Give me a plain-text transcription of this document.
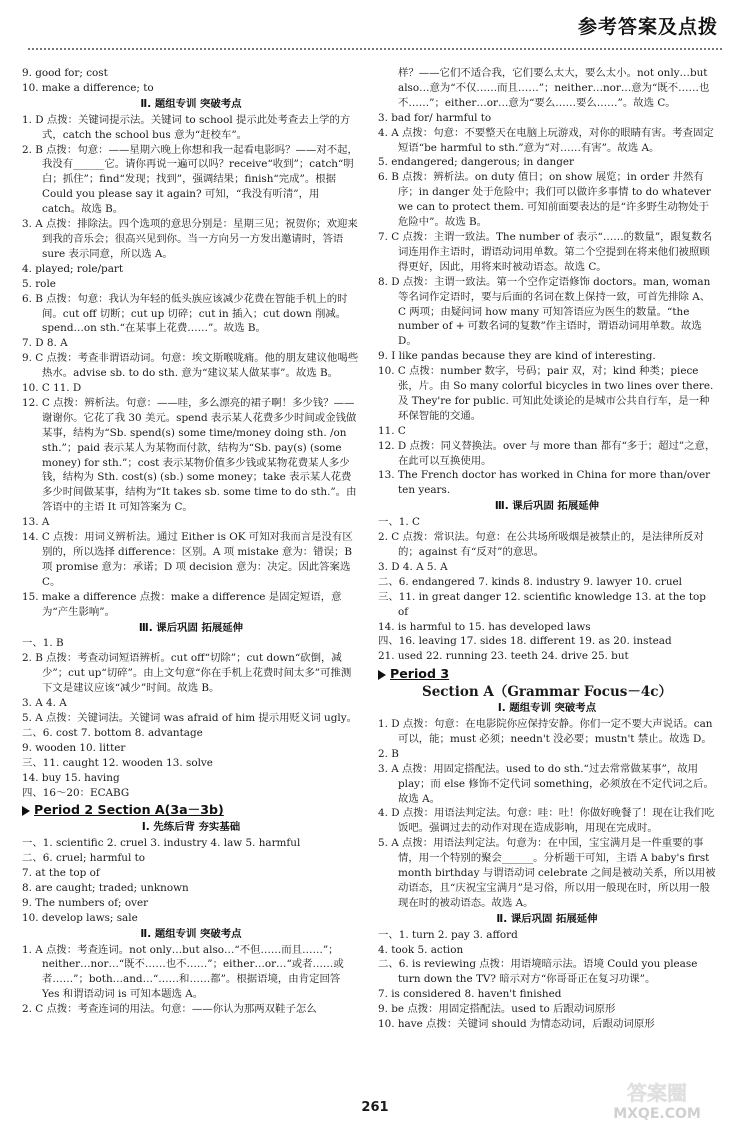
参考答案及点拨
9. good for; cost
10. make a difference; to
Ⅱ. 题组专训 突破考点
1. D 点拨：关键词提示法。关键词 to school 提示此处考查去上学的方式，catch the school bus 意为“赶校车”。
2. B 点拨：句意：——星期六晚上你想和我一起看电影吗？——对不起，我没有______它。请你再说一遍可以吗？receive“收到”；catch“明白；抓住”；find“发现；找到”，强调结果；finish“完成”。根据 Could you please say it again? 可知，“我没有听清”，用 catch。故选 B。
3. A 点拨：排除法。四个选项的意思分别是：星期三见；祝贺你；欢迎来到我的音乐会；很高兴见到你。当一方向另一方发出邀请时，答语 sure 表示同意，所以选 A。
4. played; role/part
5. role
6. B 点拨：句意：我认为年轻的低头族应该减少花费在智能手机上的时间。cut off 切断；cut up 切碎；cut in 插入；cut down 削减。spend…on sth.“在某事上花费……”。故选 B。
7. D 8. A
9. C 点拨：考查非谓语动词。句意：埃文斯喉咙痛。他的朋友建议他喝些热水。advise sb. to do sth. 意为“建议某人做某事”。故选 B。
10. C 11. D
12. C 点拨：辨析法。句意：——哇，多么漂亮的裙子啊！多少钱？——谢谢你。它花了我 30 美元。spend 表示某人花费多少时间或金钱做某事，结构为“Sb. spend(s) some time/money doing sth. /on sth.”；paid 表示某人为某物而付款，结构为“Sb. pay(s) (some money) for sth.”；cost 表示某物价值多少钱或某物花费某人多少钱，结构为 Sth. cost(s) (sb.) some money；take 表示某人花费多少时间做某事，结构为“It takes sb. some time to do sth.”。由答语中的主语 It 可知答案为 C。
13. A
14. C 点拨：用词义辨析法。通过 Either is OK 可知对我而言是没有区别的，所以选择 difference：区别。A 项 mistake 意为：错误；B 项 promise 意为：承诺；D 项 decision 意为：决定。因此答案选 C。
15. make a difference 点拨：make a difference 是固定短语，意为“产生影响”。
Ⅲ. 课后巩固 拓展延伸
一、1. B
2. B 点拨：考查动词短语辨析。cut off“切除”；cut down“砍倒，减少”；cut up“切碎”。由上文句意“你在手机上花费时间太多”可推测下文是建议应该“减少”时间。故选 B。
3. A 4. A
5. A 点拨：关键词法。关键词 was afraid of him 提示用贬义词 ugly。
二、6. cost 7. bottom 8. advantage
9. wooden 10. litter
三、11. caught 12. wooden 13. solve
14. buy 15. having
四、16～20：ECABG
Period 2 Section A(3a－3b)
Ⅰ. 先练后背 夯实基础
一、1. scientific 2. cruel 3. industry 4. law 5. harmful
二、6. cruel; harmful to
7. at the top of
8. are caught; traded; unknown
9. The numbers of; over
10. develop laws; sale
Ⅱ. 题组专训 突破考点
1. A 点拨：考查连词。not only…but also…“不但……而且……”；neither…nor…“既不……也不……”；either…or…“或者……或者……”；both…and…“……和……都”。根据语境，由肯定回答 Yes 和谓语动词 is 可知本题选 A。
2. C 点拨：考查连词的用法。句意：——你认为那两双鞋子怎么
样？——它们不适合我，它们要么太大，要么太小。not only…but also…意为“不仅……而且……”；neither…nor…意为“既不……也不……”；either…or…意为“要么……要么……”。故选 C。
3. bad for/ harmful to
4. A 点拨：句意：不要整天在电脑上玩游戏，对你的眼睛有害。考查固定短语“be harmful to sth.”意为“对……有害”。故选 A。
5. endangered; dangerous; in danger
6. B 点拨：辨析法。on duty 值日；on show 展览；in order 井然有序；in danger 处于危险中；我们可以做许多事情 to do whatever we can to protect them. 可知前面要表达的是“许多野生动物处于危险中”。故选 B。
7. C 点拨：主谓一致法。The number of 表示“……的数量”，跟复数名词连用作主语时，谓语动词用单数。第二个空提到在将来他们被照顾得更好，因此，用将来时被动语态。故选 C。
8. D 点拨：主谓一致法。第一个空作定语修饰 doctors。man, woman 等名词作定语时，要与后面的名词在数上保持一致，可首先排除 A、C 两项；由疑问词 how many 可知答语应为医生的数量。“the number of + 可数名词的复数”作主语时，谓语动词用单数。故选 D。
9. I like pandas because they are kind of interesting.
10. C 点拨：number 数字，号码；pair 双，对；kind 种类；piece 张，片。由 So many colorful bicycles in two lines over there. 及 They're for public. 可知此处谈论的是城市公共自行车，是一种环保智能的交通。
11. C
12. D 点拨：同义替换法。over 与 more than 都有“多于；超过”之意，在此可以互换使用。
13. The French doctor has worked in China for more than/over ten years.
Ⅲ. 课后巩固 拓展延伸
一、1. C
2. C 点拨：常识法。句意：在公共场所吸烟是被禁止的，是法律所反对的；against 有“反对”的意思。
3. D 4. A 5. A
二、6. endangered 7. kinds 8. industry 9. lawyer 10. cruel
三、11. in great danger 12. scientific knowledge 13. at the top of
14. is harmful to 15. has developed laws
四、16. leaving 17. sides 18. different 19. as 20. instead
21. used 22. running 23. teeth 24. drive 25. but
Period 3
Section A（Grammar Focus－4c）
Ⅰ. 题组专训 突破考点
1. D 点拨：句意：在电影院你应保持安静。你们一定不要大声说话。can 可以，能；must 必须；needn't 没必要；mustn't 禁止。故选 D。
2. B
3. A 点拨：用固定搭配法。used to do sth.“过去常常做某事”，故用 play；而 else 修饰不定代词 something，必须放在不定代词之后。故选 A。
4. D 点拨：用语法判定法。句意：哇：吐！你做好晚餐了！现在让我们吃饭吧。强调过去的动作对现在造成影响，用现在完成时。
5. A 点拨：用语法判定法。句意为：在中国，宝宝满月是一件重要的事情，用一个特别的聚会______。分析题干可知，主语 A baby's first month birthday 与谓语动词 celebrate 之间是被动关系，所以用被动语态，且“庆祝宝宝满月”是习俗，所以用一般现在时，所以用一般现在时的被动语态。故选 A。
Ⅱ. 课后巩固 拓展延伸
一、1. turn 2. pay 3. afford
4. took 5. action
二、6. is reviewing 点拨：用语境暗示法。语境 Could you please turn down the TV? 暗示对方“你哥哥正在复习功课”。
7. is considered 8. haven't finished
9. be 点拨：用固定搭配法。used to 后跟动词原形
10. have 点拨：关键词 should 为情态动词，后跟动词原形
261
答案圈
MXQE.COM
